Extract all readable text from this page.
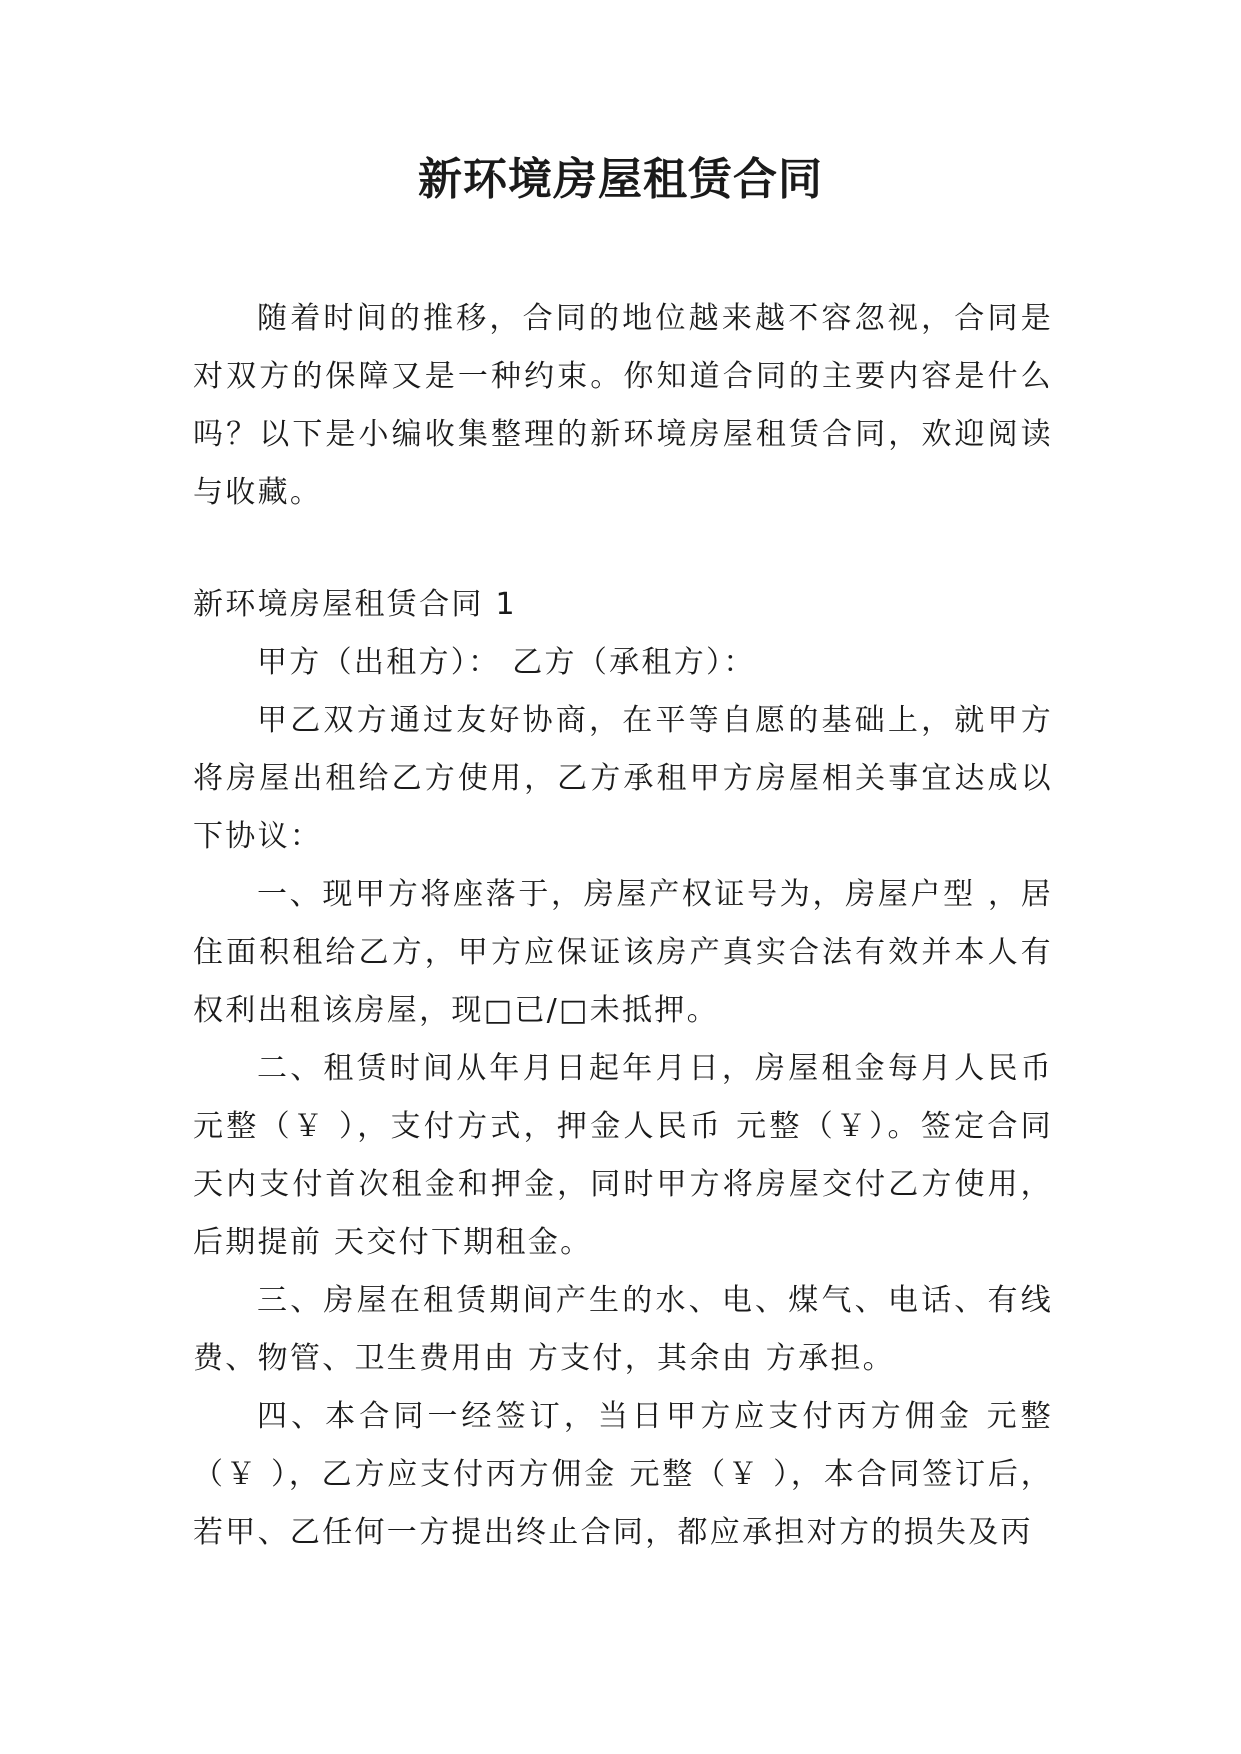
新环境房屋租赁合同

随着时间的推移，合同的地位越来越不容忽视，合同是对双方的保障又是一种约束。你知道合同的主要内容是什么吗？以下是小编收集整理的新环境房屋租赁合同，欢迎阅读与收藏。

新环境房屋租赁合同 1

甲方（出租方）： 乙方（承租方）：

甲乙双方通过友好协商，在平等自愿的基础上，就甲方将房屋出租给乙方使用，乙方承租甲方房屋相关事宜达成以下协议：

一、现甲方将座落于，房屋产权证号为，房屋户型 ，居住面积租给乙方，甲方应保证该房产真实合法有效并本人有权利出租该房屋，现□已/□未抵押。

二、租赁时间从年月日起年月日，房屋租金每月人民币元整（￥ ），支付方式，押金人民币 元整（￥）。签定合同天内支付首次租金和押金，同时甲方将房屋交付乙方使用，后期提前 天交付下期租金。

三、房屋在租赁期间产生的水、电、煤气、电话、有线费、物管、卫生费用由 方支付，其余由 方承担。

四、本合同一经签订，当日甲方应支付丙方佣金 元整（￥ ），乙方应支付丙方佣金 元整（￥ ），本合同签订后，若甲、乙任何一方提出终止合同，都应承担对方的损失及丙
